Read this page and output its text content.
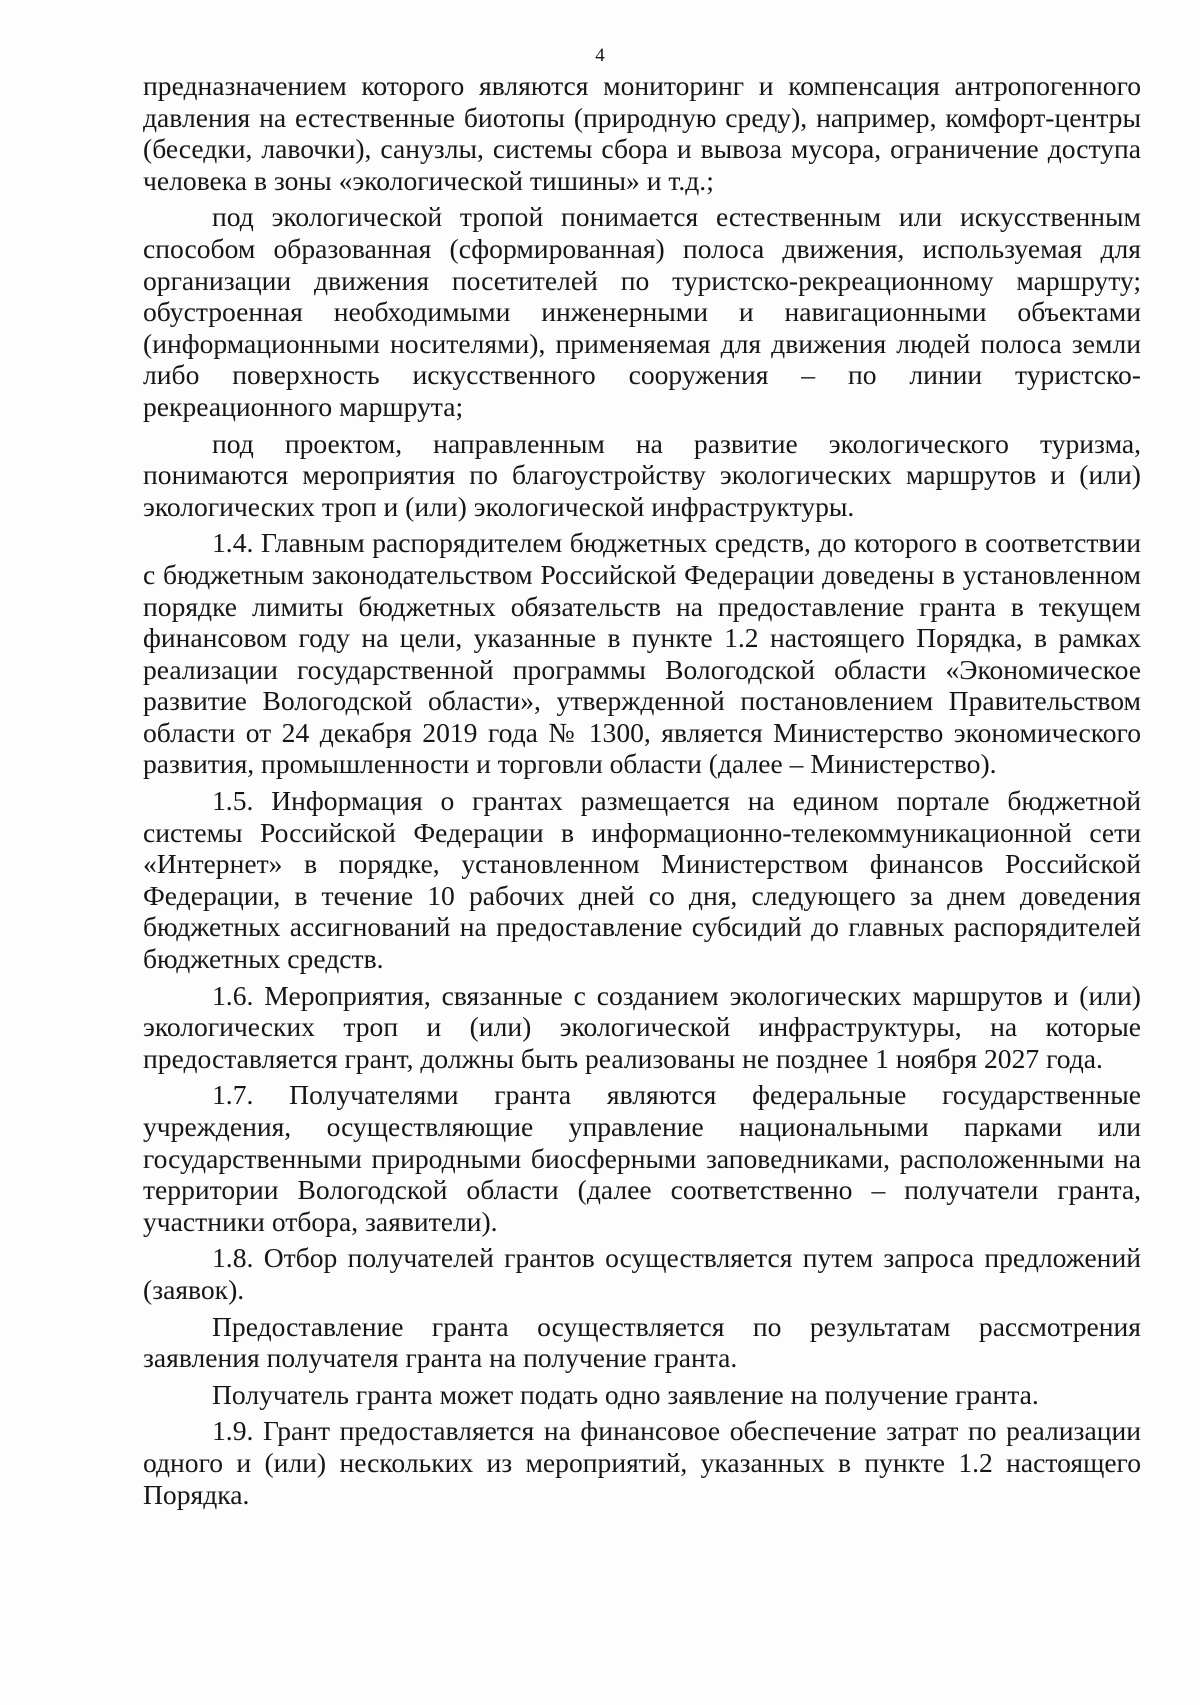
4

предназначением которого являются мониторинг и компенсация антропогенного давления на естественные биотопы (природную среду), например, комфорт-центры (беседки, лавочки), санузлы, системы сбора и вывоза мусора, ограничение доступа человека в зоны «экологической тишины» и т.д.;

под экологической тропой понимается естественным или искусственным способом образованная (сформированная) полоса движения, используемая для организации движения посетителей по туристско-рекреационному маршруту; обустроенная необходимыми инженерными и навигационными объектами (информационными носителями), применяемая для движения людей полоса земли либо поверхность искусственного сооружения – по линии туристско-рекреационного маршрута;

под проектом, направленным на развитие экологического туризма, понимаются мероприятия по благоустройству экологических маршрутов и (или) экологических троп и (или) экологической инфраструктуры.

1.4. Главным распорядителем бюджетных средств, до которого в соответствии с бюджетным законодательством Российской Федерации доведены в установленном порядке лимиты бюджетных обязательств на предоставление гранта в текущем финансовом году на цели, указанные в пункте 1.2 настоящего Порядка, в рамках реализации государственной программы Вологодской области «Экономическое развитие Вологодской области», утвержденной постановлением Правительством области от 24 декабря 2019 года № 1300, является Министерство экономического развития, промышленности и торговли области (далее – Министерство).

1.5. Информация о грантах размещается на едином портале бюджетной системы Российской Федерации в информационно-телекоммуникационной сети «Интернет» в порядке, установленном Министерством финансов Российской Федерации, в течение 10 рабочих дней со дня, следующего за днем доведения бюджетных ассигнований на предоставление субсидий до главных распорядителей бюджетных средств.

1.6. Мероприятия, связанные с созданием экологических маршрутов и (или) экологических троп и (или) экологической инфраструктуры, на которые предоставляется грант, должны быть реализованы не позднее 1 ноября 2027 года.

1.7. Получателями гранта являются федеральные государственные учреждения, осуществляющие управление национальными парками или государственными природными биосферными заповедниками, расположенными на территории Вологодской области (далее соответственно – получатели гранта, участники отбора, заявители).

1.8. Отбор получателей грантов осуществляется путем запроса предложений (заявок).

Предоставление гранта осуществляется по результатам рассмотрения заявления получателя гранта на получение гранта.

Получатель гранта может подать одно заявление на получение гранта.

1.9. Грант предоставляется на финансовое обеспечение затрат по реализации одного и (или) нескольких из мероприятий, указанных в пункте 1.2 настоящего Порядка.
